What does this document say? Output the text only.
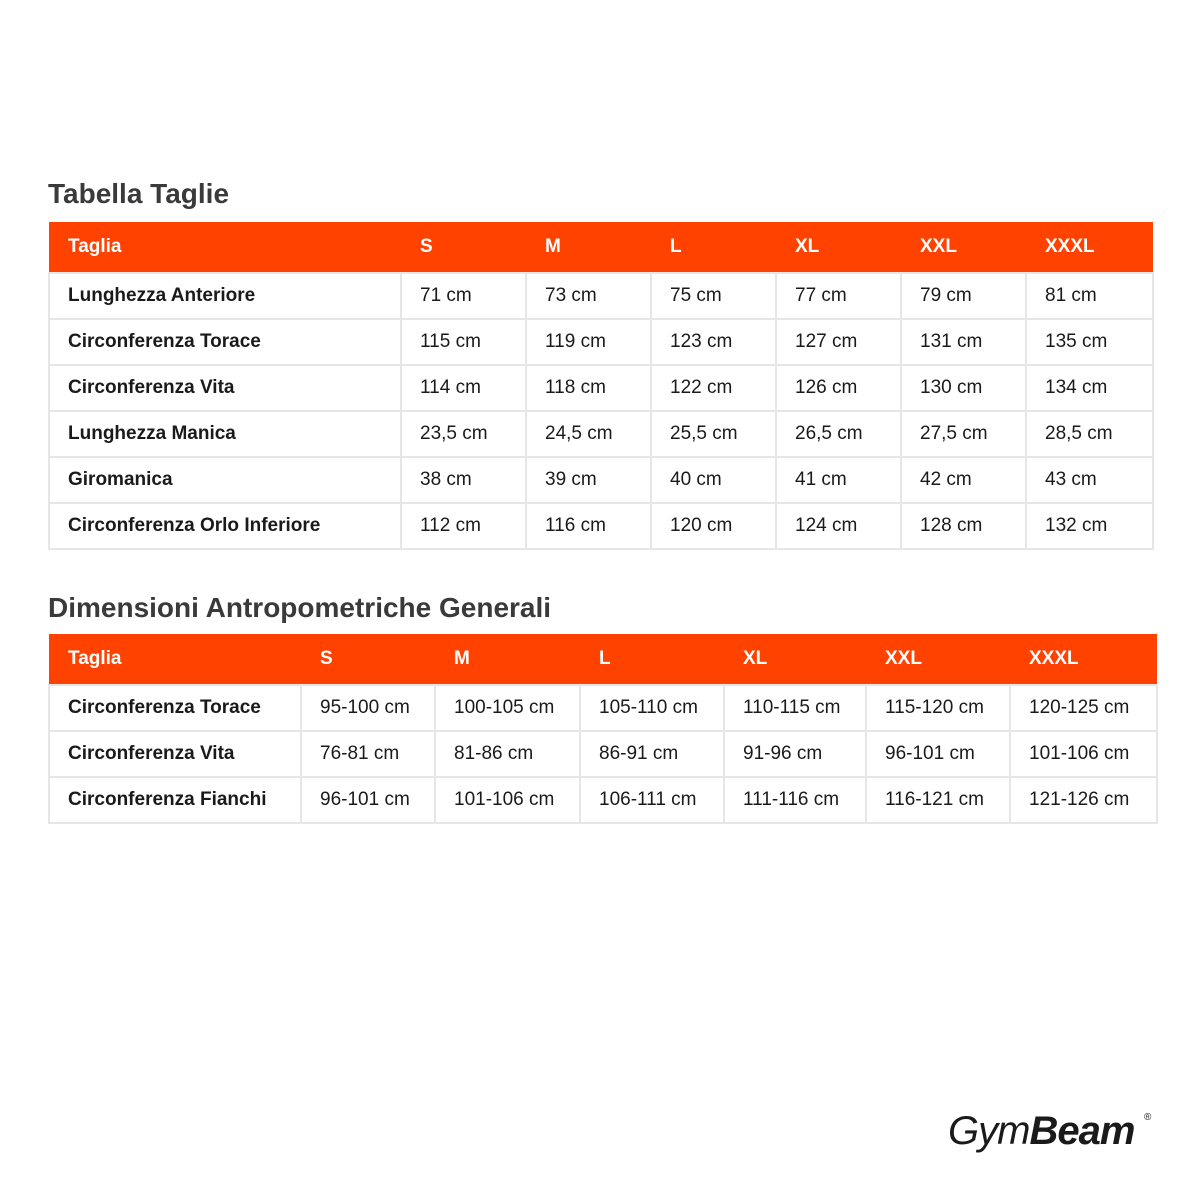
Tabella Taglie
Taglia	S	M	L	XL	XXL	XXXL
Lunghezza Anteriore	71 cm	73 cm	75 cm	77 cm	79 cm	81 cm
Circonferenza Torace	115 cm	119 cm	123 cm	127 cm	131 cm	135 cm
Circonferenza Vita	114 cm	118 cm	122 cm	126 cm	130 cm	134 cm
Lunghezza Manica	23,5 cm	24,5 cm	25,5 cm	26,5 cm	27,5 cm	28,5 cm
Giromanica	38 cm	39 cm	40 cm	41 cm	42 cm	43 cm
Circonferenza Orlo Inferiore	112 cm	116 cm	120 cm	124 cm	128 cm	132 cm
Dimensioni Antropometriche Generali
Taglia	S	M	L	XL	XXL	XXXL
Circonferenza Torace	95-100 cm	100-105 cm	105-110 cm	110-115 cm	115-120 cm	120-125 cm
Circonferenza Vita	76-81 cm	81-86 cm	86-91 cm	91-96 cm	96-101 cm	101-106 cm
Circonferenza Fianchi	96-101 cm	101-106 cm	106-111 cm	111-116 cm	116-121 cm	121-126 cm
GymBeam ®
